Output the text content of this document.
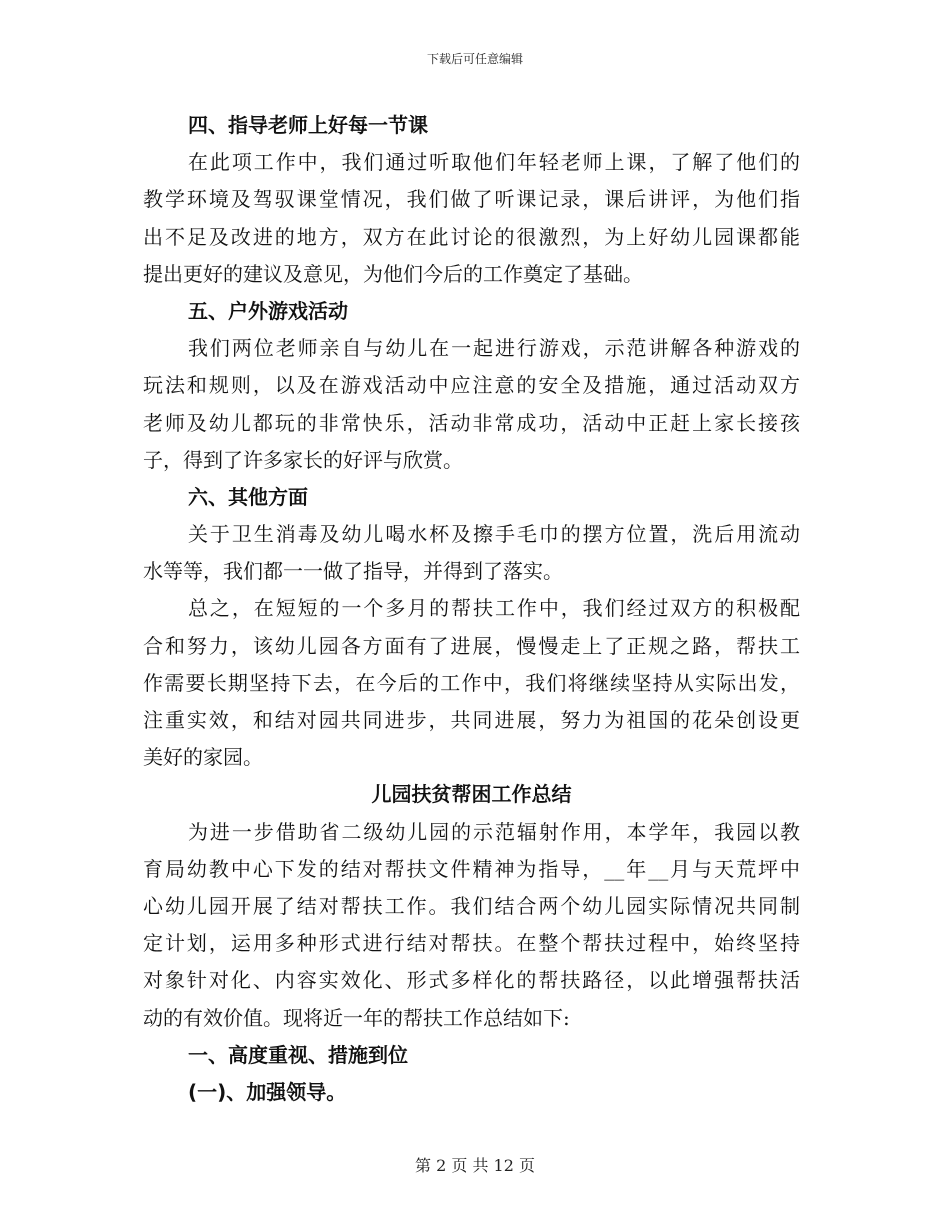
下载后可任意编辑
四、指导老师上好每一节课
在此项工作中，我们通过听取他们年轻老师上课，了解了他们的
教学环境及驾驭课堂情况，我们做了听课记录，课后讲评，为他们指
出不足及改进的地方，双方在此讨论的很激烈，为上好幼儿园课都能
提出更好的建议及意见，为他们今后的工作奠定了基础。
五、户外游戏活动
我们两位老师亲自与幼儿在一起进行游戏，示范讲解各种游戏的
玩法和规则，以及在游戏活动中应注意的安全及措施，通过活动双方
老师及幼儿都玩的非常快乐，活动非常成功，活动中正赶上家长接孩
子，得到了许多家长的好评与欣赏。
六、其他方面
关于卫生消毒及幼儿喝水杯及擦手毛巾的摆方位置，洗后用流动
水等等，我们都一一做了指导，并得到了落实。
总之，在短短的一个多月的帮扶工作中，我们经过双方的积极配
合和努力，该幼儿园各方面有了进展，慢慢走上了正规之路，帮扶工
作需要长期坚持下去，在今后的工作中，我们将继续坚持从实际出发，
注重实效，和结对园共同进步，共同进展，努力为祖国的花朵创设更
美好的家园。
儿园扶贫帮困工作总结
为进一步借助省二级幼儿园的示范辐射作用，本学年，我园以教
育局幼教中心下发的结对帮扶文件精神为指导，__年__月与天荒坪中
心幼儿园开展了结对帮扶工作。我们结合两个幼儿园实际情况共同制
定计划，运用多种形式进行结对帮扶。在整个帮扶过程中，始终坚持
对象针对化、内容实效化、形式多样化的帮扶路径，以此增强帮扶活
动的有效价值。现将近一年的帮扶工作总结如下:
一、高度重视、措施到位
(一)、加强领导。
第 2 页 共 12 页
